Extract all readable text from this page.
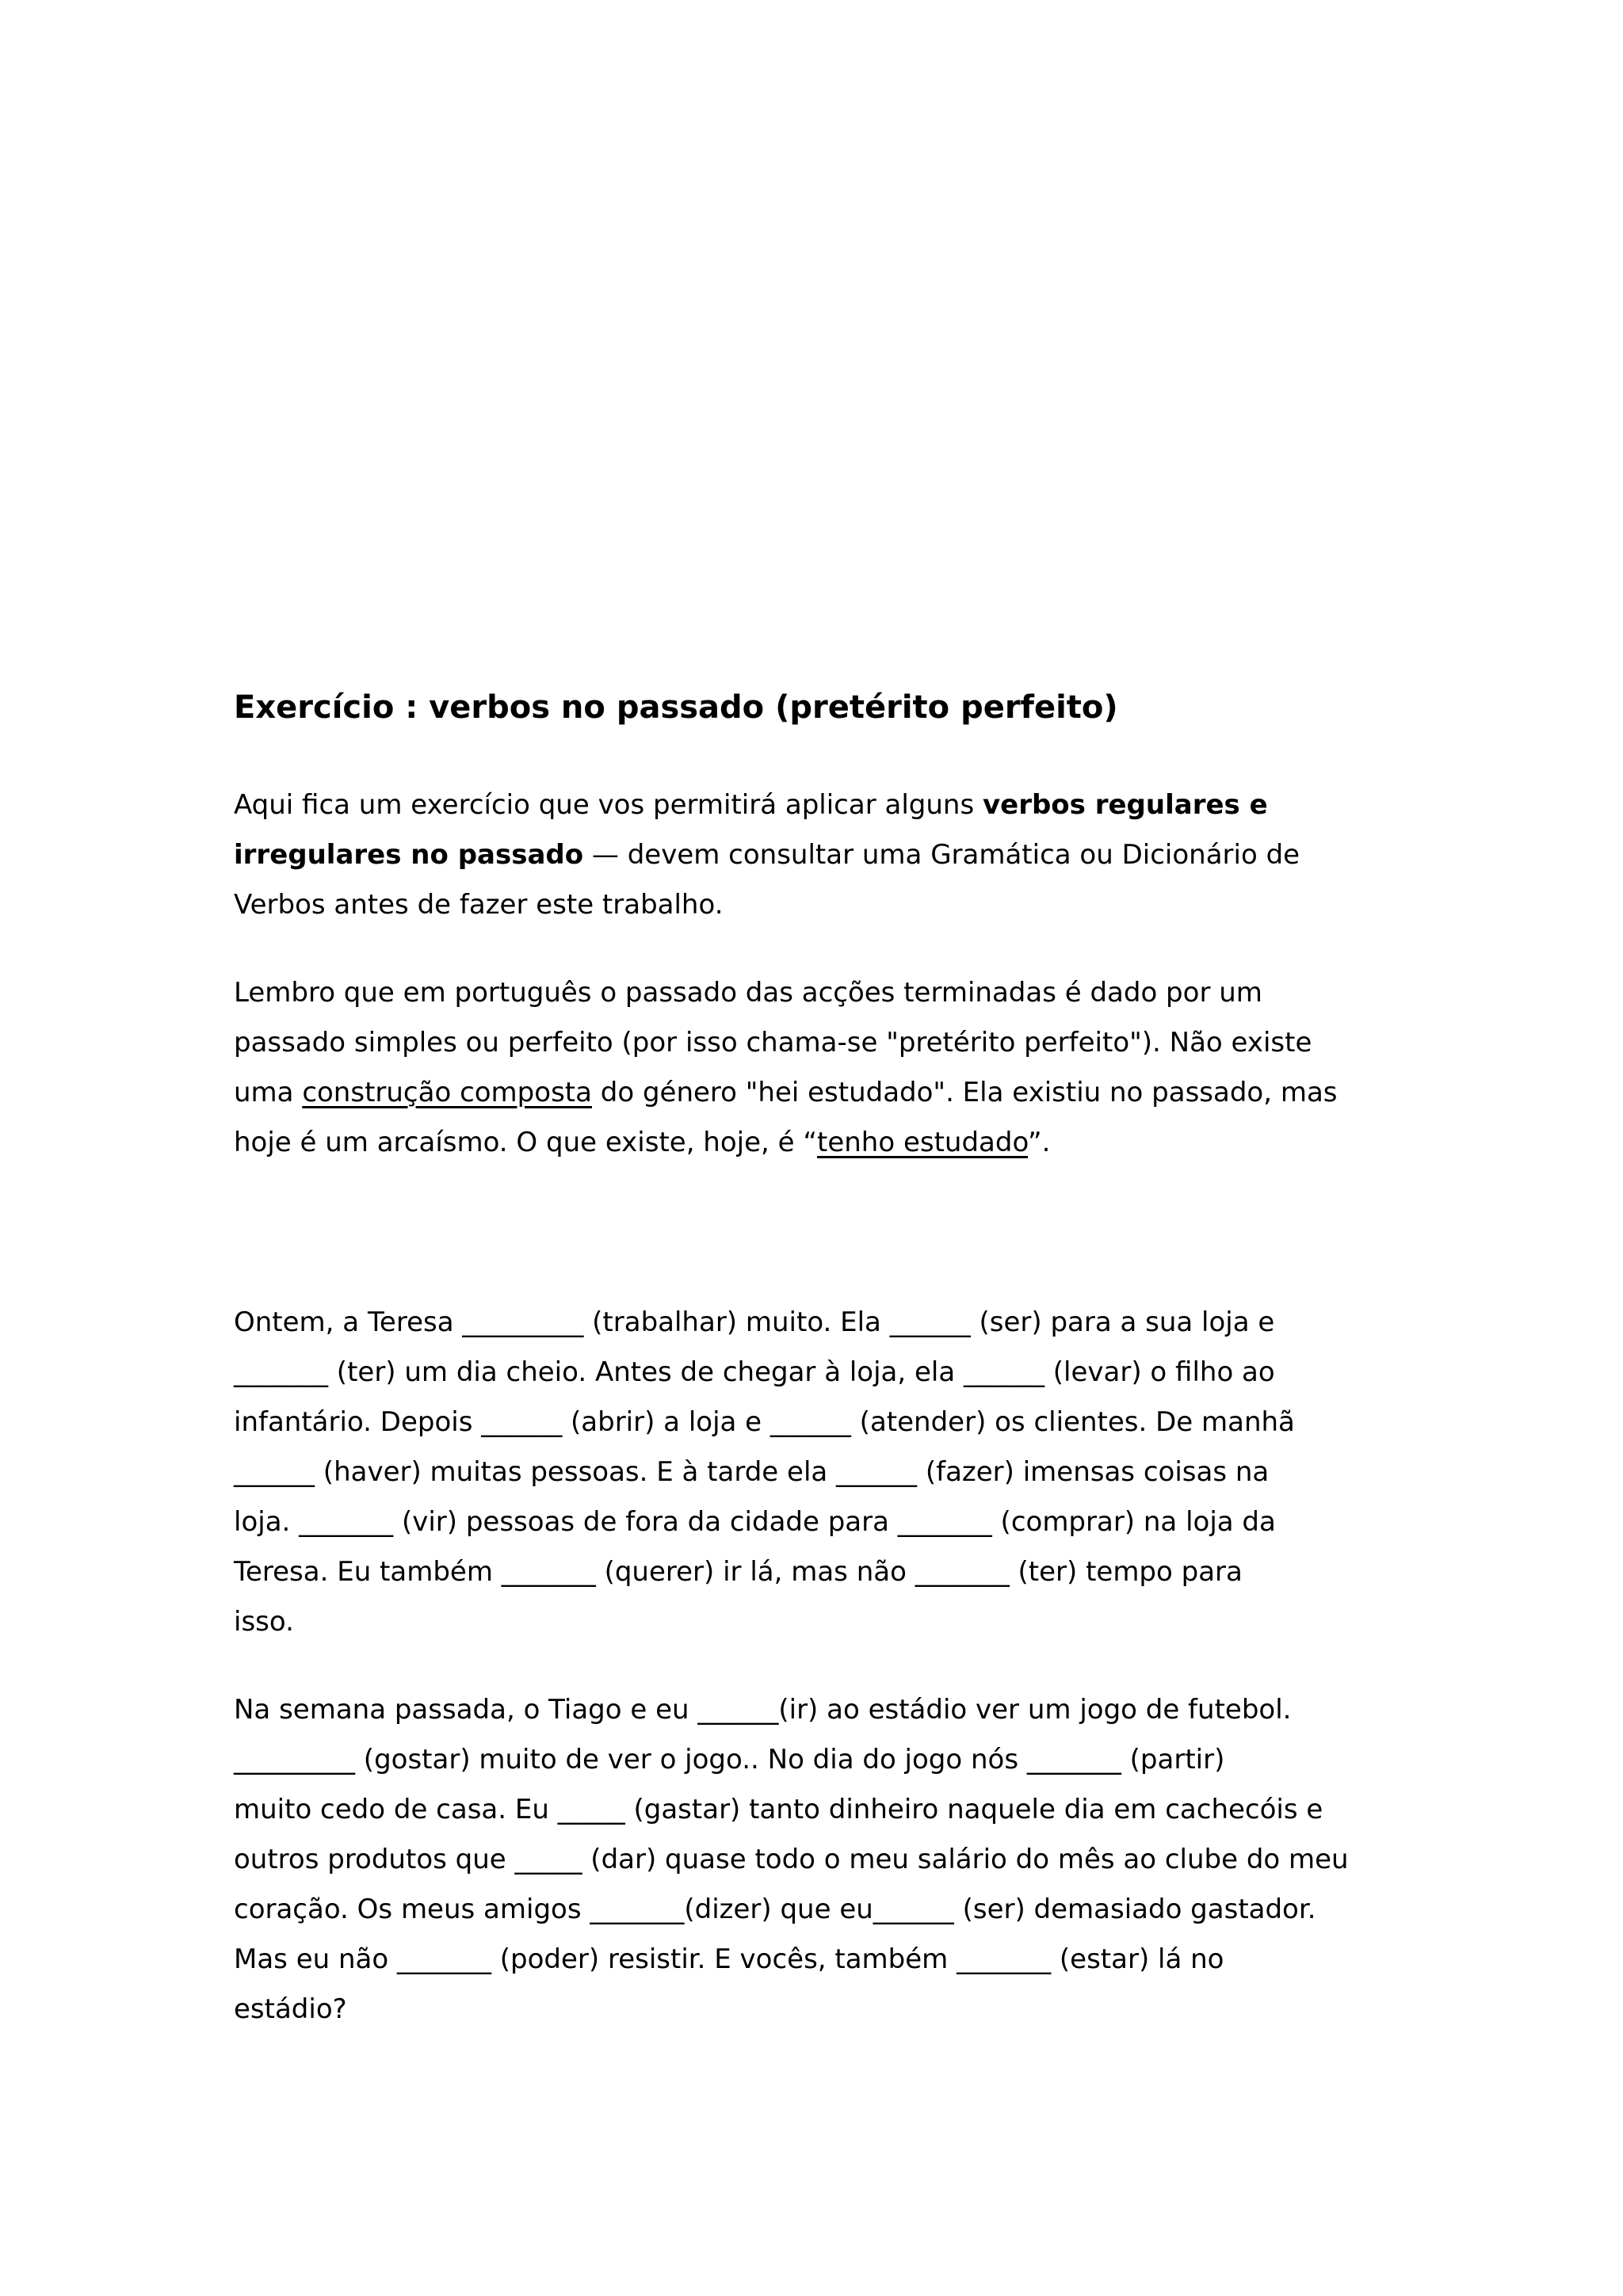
Exercício : verbos no passado (pretérito perfeito)
Aqui fica um exercício que vos permitirá aplicar alguns verbos regulares e
irregulares no passado — devem consultar uma Gramática ou Dicionário de
Verbos antes de fazer este trabalho.
Lembro que em português o passado das acções terminadas é dado por um
passado simples ou perfeito (por isso chama-se "pretérito perfeito"). Não existe
uma construção composta do género "hei estudado". Ela existiu no passado, mas
hoje é um arcaísmo. O que existe, hoje, é “tenho estudado”.
Ontem, a Teresa _________ (trabalhar) muito. Ela ______ (ser) para a sua loja e
_______ (ter) um dia cheio. Antes de chegar à loja, ela ______ (levar) o filho ao
infantário. Depois ______ (abrir) a loja e ______ (atender) os clientes. De manhã
______ (haver) muitas pessoas. E à tarde ela ______ (fazer) imensas coisas na
loja. _______ (vir) pessoas de fora da cidade para _______ (comprar) na loja da
Teresa. Eu também _______ (querer) ir lá, mas não _______ (ter) tempo para
isso.
Na semana passada, o Tiago e eu ______(ir) ao estádio ver um jogo de futebol.
_________ (gostar) muito de ver o jogo.. No dia do jogo nós _______ (partir)
muito cedo de casa. Eu _____ (gastar) tanto dinheiro naquele dia em cachecóis e
outros produtos que _____ (dar) quase todo o meu salário do mês ao clube do meu
coração. Os meus amigos _______(dizer) que eu______ (ser) demasiado gastador.
Mas eu não _______ (poder) resistir. E vocês, também _______ (estar) lá no
estádio?
